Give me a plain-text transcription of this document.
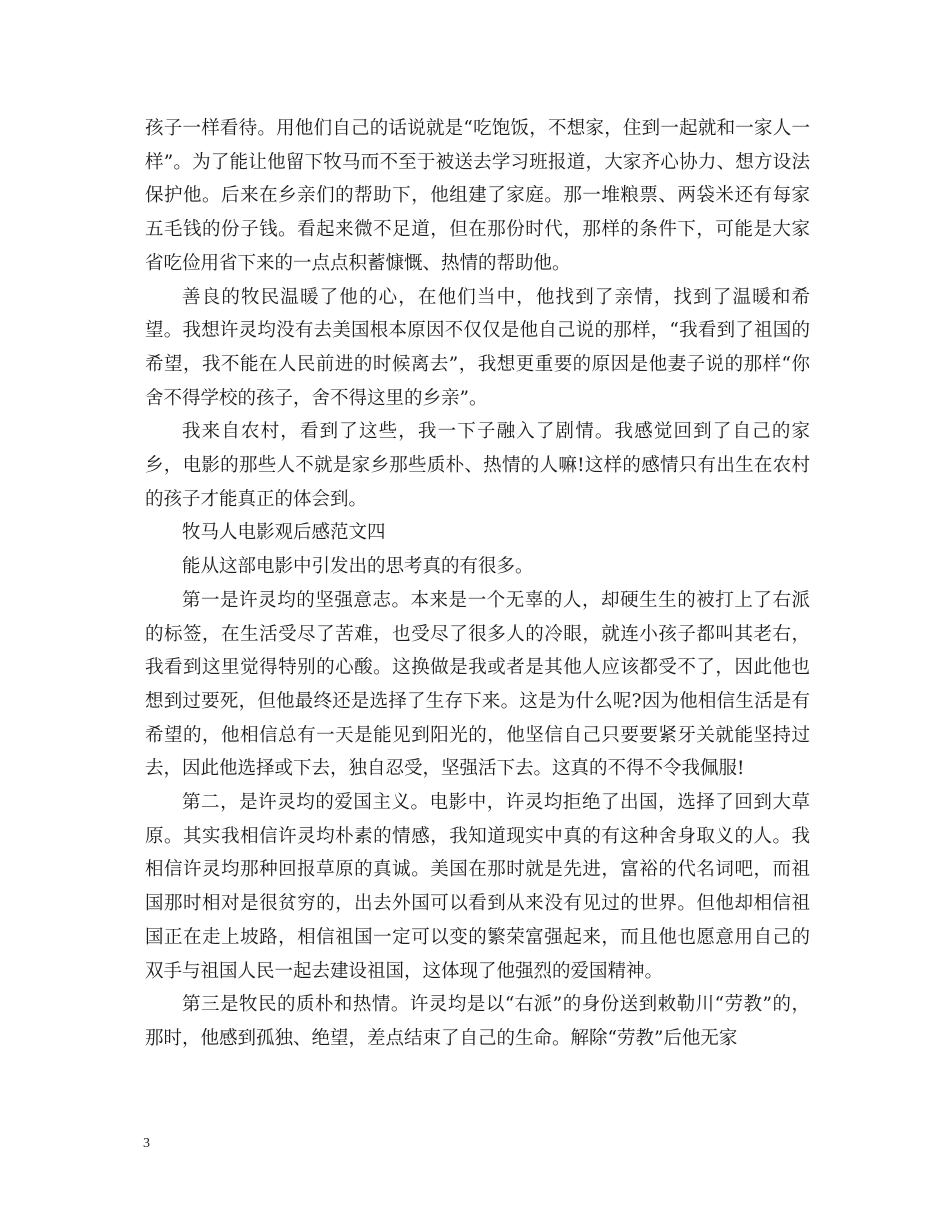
孩子一样看待。用他们自己的话说就是“吃饱饭，不想家，住到一起就和一家人一样”。为了能让他留下牧马而不至于被送去学习班报道，大家齐心协力、想方设法保护他。后来在乡亲们的帮助下，他组建了家庭。那一堆粮票、两袋米还有每家五毛钱的份子钱。看起来微不足道，但在那份时代，那样的条件下，可能是大家省吃俭用省下来的一点点积蓄慷慨、热情的帮助他。

善良的牧民温暖了他的心，在他们当中，他找到了亲情，找到了温暖和希望。我想许灵均没有去美国根本原因不仅仅是他自己说的那样，“我看到了祖国的希望，我不能在人民前进的时候离去”，我想更重要的原因是他妻子说的那样“你舍不得学校的孩子，舍不得这里的乡亲”。

我来自农村，看到了这些，我一下子融入了剧情。我感觉回到了自己的家乡，电影的那些人不就是家乡那些质朴、热情的人嘛!这样的感情只有出生在农村的孩子才能真正的体会到。

牧马人电影观后感范文四

能从这部电影中引发出的思考真的有很多。

第一是许灵均的坚强意志。本来是一个无辜的人，却硬生生的被打上了右派的标签，在生活受尽了苦难，也受尽了很多人的冷眼，就连小孩子都叫其老右，我看到这里觉得特别的心酸。这换做是我或者是其他人应该都受不了，因此他也想到过要死，但他最终还是选择了生存下来。这是为什么呢?因为他相信生活是有希望的，他相信总有一天是能见到阳光的，他坚信自己只要要紧牙关就能坚持过去，因此他选择或下去，独自忍受，坚强活下去。这真的不得不令我佩服!

第二，是许灵均的爱国主义。电影中，许灵均拒绝了出国，选择了回到大草原。其实我相信许灵均朴素的情感，我知道现实中真的有这种舍身取义的人。我相信许灵均那种回报草原的真诚。美国在那时就是先进，富裕的代名词吧，而祖国那时相对是很贫穷的，出去外国可以看到从来没有见过的世界。但他却相信祖国正在走上坡路，相信祖国一定可以变的繁荣富强起来，而且他也愿意用自己的双手与祖国人民一起去建设祖国，这体现了他强烈的爱国精神。

第三是牧民的质朴和热情。许灵均是以“右派”的身份送到敕勒川“劳教”的，那时，他感到孤独、绝望，差点结束了自己的生命。解除“劳教”后他无家

3
